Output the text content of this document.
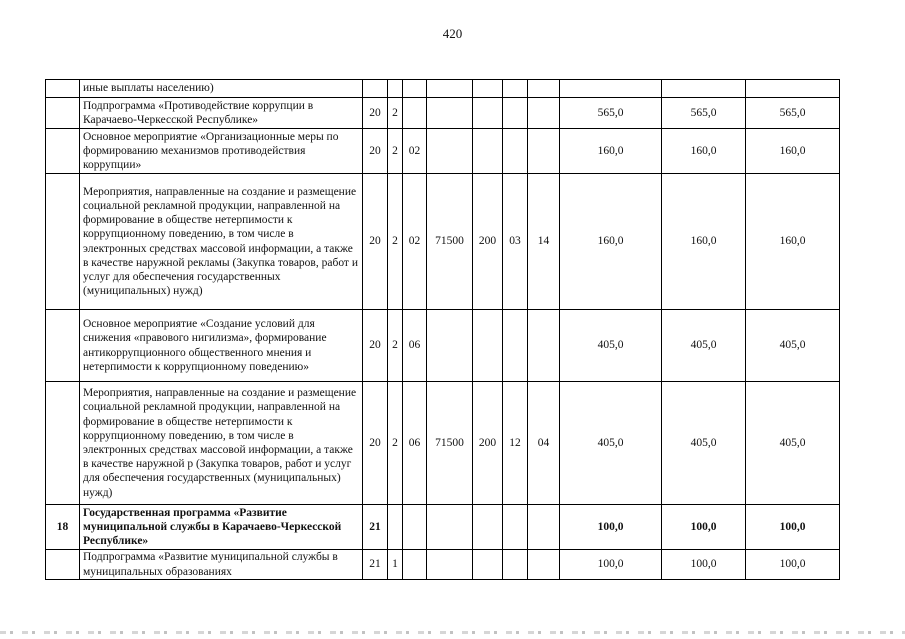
420
	иные выплаты населению)										
	Подпрограмма «Противодействие коррупции в Карачаево-Черкесской Республике»	20	2						565,0	565,0	565,0
	Основное мероприятие «Организационные меры по формированию механизмов противодействия коррупции»	20	2	02					160,0	160,0	160,0
	Мероприятия, направленные на создание и размещение социальной рекламной продукции, направленной на формирование в обществе нетерпимости к коррупционному поведению, в том числе в электронных средствах массовой информации, а также в качестве наружной рекламы (Закупка товаров, работ и услуг для обеспечения государственных (муниципальных) нужд)	20	2	02	71500	200	03	14	160,0	160,0	160,0
	Основное мероприятие «Создание условий для снижения «правового нигилизма», формирование антикоррупционного общественного мнения и нетерпимости к коррупционному поведению»	20	2	06					405,0	405,0	405,0
	Мероприятия, направленные на создание и размещение социальной рекламной продукции, направленной на формирование в обществе нетерпимости к коррупционному поведению, в том числе в электронных средствах массовой информации, а также в качестве наружной р (Закупка товаров, работ и услуг для обеспечения государственных (муниципальных) нужд)	20	2	06	71500	200	12	04	405,0	405,0	405,0
18	Государственная программа «Развитие муниципальной службы в Карачаево-Черкесской Республике»	21							100,0	100,0	100,0
	Подпрограмма «Развитие муниципальной службы в муниципальных образованиях	21	1						100,0	100,0	100,0
